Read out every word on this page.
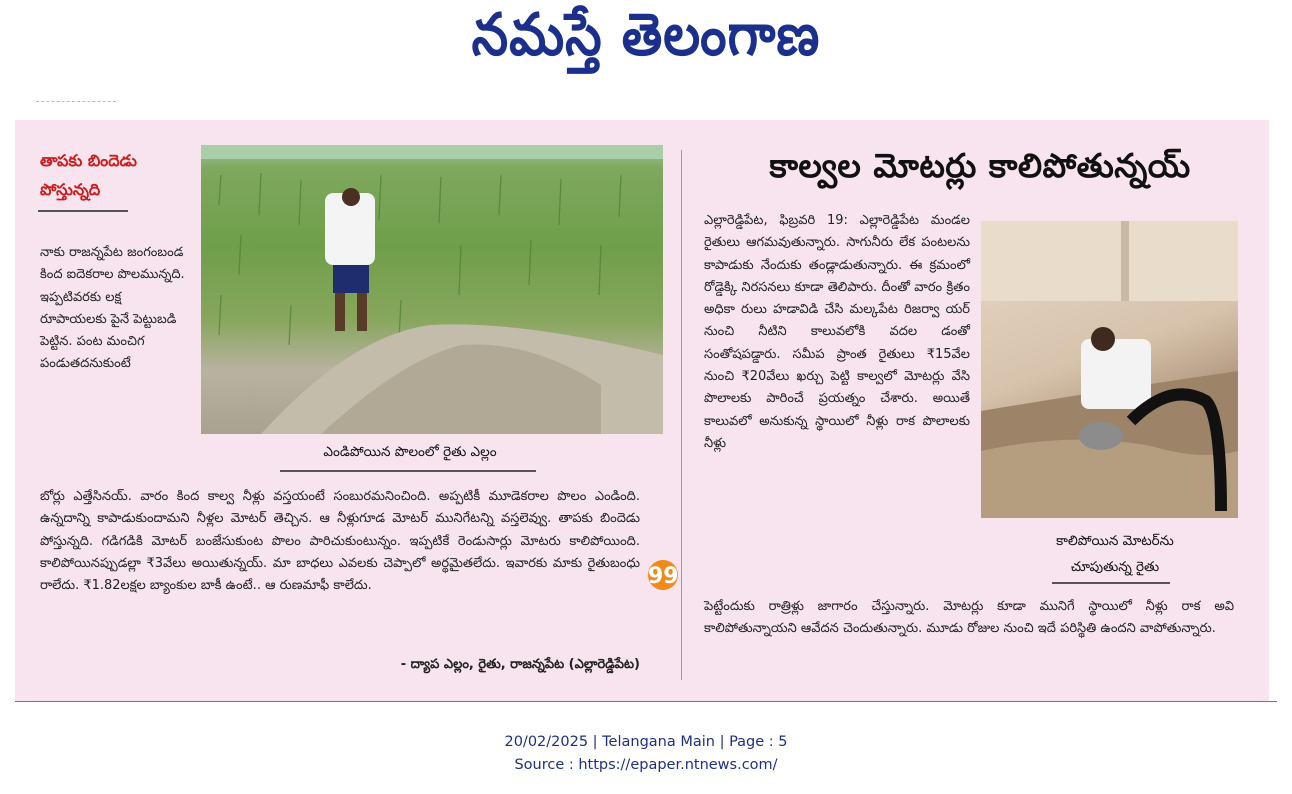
నమస్తే తెలంగాణ
తాపకు బిందెడు పోస్తున్నది
ఎండిపోయిన పొలంలో రైతు ఎల్లం
నాకు రాజన్నపేట జంగంబండ కింద ఐదెకరాల పొలమున్నది. ఇప్పటివరకు లక్ష రూపాయలకు పైనే పెట్టుబడి పెట్టిన. పంట మంచిగ పండుతదనుకుంటే
బోర్లు ఎత్తేసినయ్. వారం కింద కాల్వ నీళ్లు వస్తయంటే సంబురమనించింది. అప్పటికీ మూడెకరాల పొలం ఎండింది. ఉన్నదాన్ని కాపాడుకుందామని నీళ్లల మోటర్ తెచ్చిన. ఆ నీళ్లుగూడ మోటర్ మునిగేటన్ని వస్తలెవ్వు. తాపకు బిందెడు పోస్తున్నది. గడిగడికి మోటర్ బంజేసుకుంట పొలం పారిచుకుంటున్నం. ఇప్పటికే రెండుసార్లు మోటరు కాలిపోయింది. కాలిపోయినప్పుడల్లా ₹3వేలు అయితున్నయ్. మా బాధలు ఎవలకు చెప్పాలో అర్థమైతలేదు. ఇవారకు మాకు రైతుబంధు రాలేదు. ₹1.82లక్షల బ్యాంకుల బాకీ ఉంటే.. ఆ రుణమాఫీ కాలేదు.
- ద్యాప ఎల్లం, రైతు, రాజన్నపేట (ఎల్లారెడ్డిపేట)
99
కాల్వల మోటర్లు కాలిపోతున్నయ్
ఎల్లారెడ్డిపేట, ఫిబ్రవరి 19: ఎల్లారెడ్డిపేట మండల రైతులు ఆగమవుతున్నారు. సాగునీరు లేక పంటలను కాపాడుకు నేందుకు తండ్లాడుతున్నారు. ఈ క్రమంలో రోడ్డెక్కి నిరసనలు కూడా తెలిపారు. దీంతో వారం క్రితం అధికా రులు హడావిడి చేసి మల్కపేట రిజర్వా యర్ నుంచి నీటిని కాలువలోకి వదల డంతో సంతోషపడ్డారు. సమీప ప్రాంత రైతులు ₹15వేల నుంచి ₹20వేలు ఖర్చు పెట్టి కాల్వలో మోటర్లు వేసి పొలాలకు పారించే ప్రయత్నం చేశారు. అయితే కాలువలో అనుకున్న స్థాయిలో నీళ్లు రాక పొలాలకు నీళ్లు
కాలిపోయిన మోటర్‌ను
చూపుతున్న రైతు
పెట్టేందుకు రాత్రిళ్లు జాగారం చేస్తున్నారు. మోటర్లు కూడా మునిగే స్థాయిలో నీళ్లు రాక అవి కాలిపోతున్నాయని ఆవేదన చెందుతున్నారు. మూడు రోజుల నుంచి ఇదే పరిస్థితి ఉందని వాపోతున్నారు.
20/02/2025 | Telangana Main | Page : 5
Source : https://epaper.ntnews.com/
